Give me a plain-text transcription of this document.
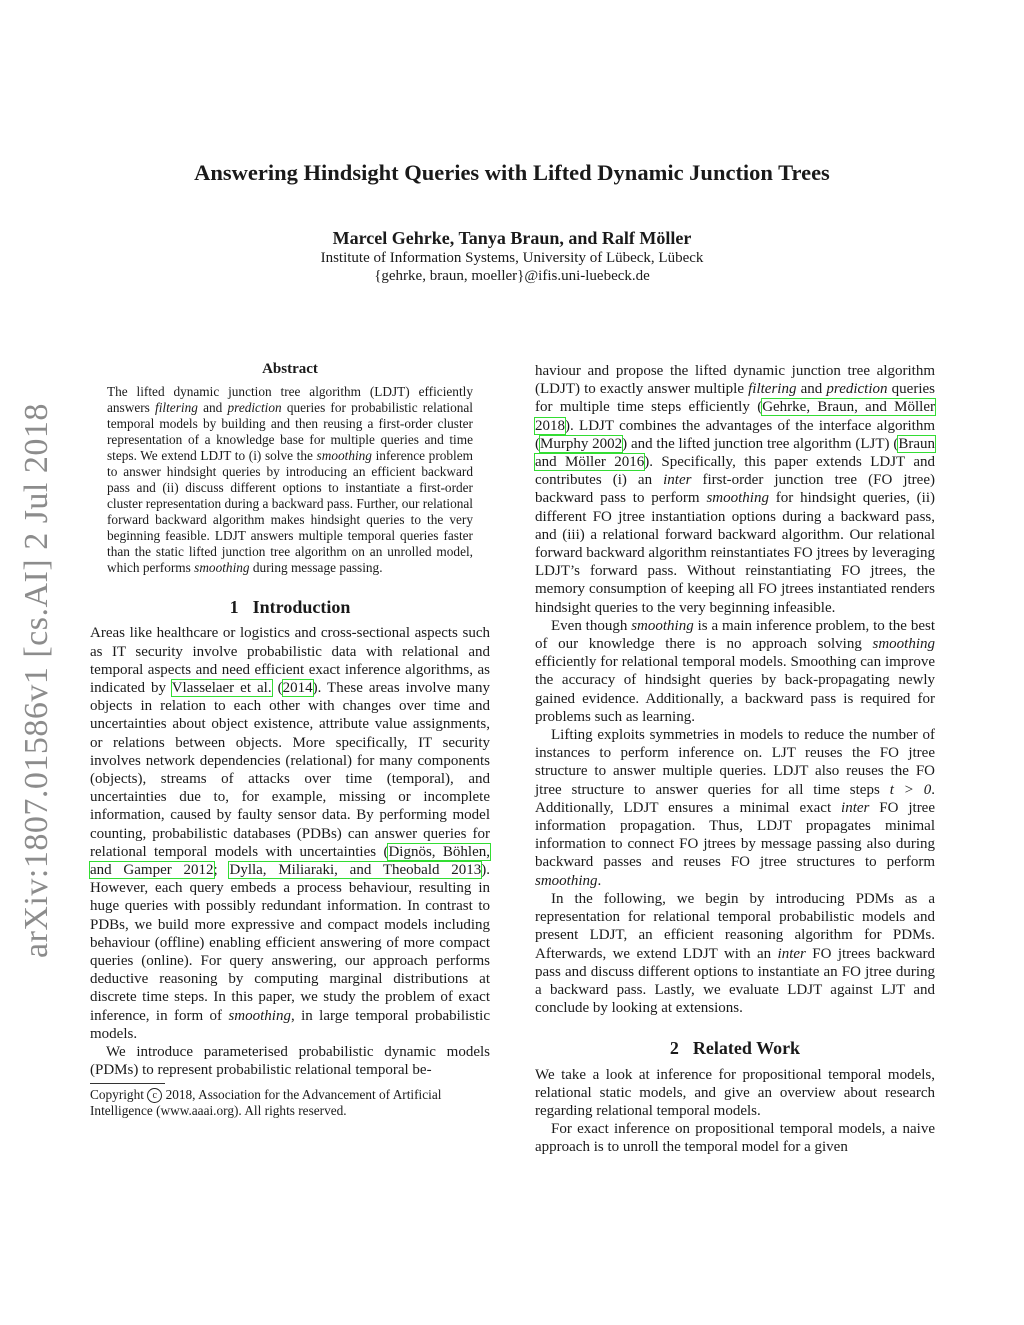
arXiv:1807.01586v1 [cs.AI] 2 Jul 2018
Answering Hindsight Queries with Lifted Dynamic Junction Trees
Marcel Gehrke, Tanya Braun, and Ralf Möller
Institute of Information Systems, University of Lübeck, Lübeck
{gehrke, braun, moeller}@ifis.uni-luebeck.de
Abstract
The lifted dynamic junction tree algorithm (LDJT) efficiently answers filtering and prediction queries for probabilistic relational temporal models by building and then reusing a first-order cluster representation of a knowledge base for multiple queries and time steps. We extend LDJT to (i) solve the smoothing inference problem to answer hindsight queries by introducing an efficient backward pass and (ii) discuss different options to instantiate a first-order cluster representation during a backward pass. Further, our relational forward backward algorithm makes hindsight queries to the very beginning feasible. LDJT answers multiple temporal queries faster than the static lifted junction tree algorithm on an unrolled model, which performs smoothing during message passing.
1 Introduction

Areas like healthcare or logistics and cross-sectional aspects such as IT security involve probabilistic data with relational and temporal aspects and need efficient exact inference algorithms, as indicated by Vlasselaer et al. (2014). These areas involve many objects in relation to each other with changes over time and uncertainties about object existence, attribute value assignments, or relations between objects. More specifically, IT security involves network dependencies (relational) for many components (objects), streams of attacks over time (temporal), and uncertainties due to, for example, missing or incomplete information, caused by faulty sensor data. By performing model counting, probabilistic databases (PDBs) can answer queries for relational temporal models with uncertainties (Dignös, Böhlen, and Gamper 2012; Dylla, Miliaraki, and Theobald 2013). However, each query embeds a process behaviour, resulting in huge queries with possibly redundant information. In contrast to PDBs, we build more expressive and compact models including behaviour (offline) enabling efficient answering of more compact queries (online). For query answering, our approach performs deductive reasoning by computing marginal distributions at discrete time steps. In this paper, we study the problem of exact inference, in form of smoothing, in large temporal probabilistic models.

We introduce parameterised probabilistic dynamic models (PDMs) to represent probabilistic relational temporal be-

Copyright c 2018, Association for the Advancement of Artificial Intelligence (www.aaai.org). All rights reserved.

haviour and propose the lifted dynamic junction tree algorithm (LDJT) to exactly answer multiple filtering and prediction queries for multiple time steps efficiently (Gehrke, Braun, and Möller 2018). LDJT combines the advantages of the interface algorithm (Murphy 2002) and the lifted junction tree algorithm (LJT) (Braun and Möller 2016). Specifically, this paper extends LDJT and contributes (i) an inter first-order junction tree (FO jtree) backward pass to perform smoothing for hindsight queries, (ii) different FO jtree instantiation options during a backward pass, and (iii) a relational forward backward algorithm. Our relational forward backward algorithm reinstantiates FO jtrees by leveraging LDJT’s forward pass. Without reinstantiating FO jtrees, the memory consumption of keeping all FO jtrees instantiated renders hindsight queries to the very beginning infeasible.

Even though smoothing is a main inference problem, to the best of our knowledge there is no approach solving smoothing efficiently for relational temporal models. Smoothing can improve the accuracy of hindsight queries by back-propagating newly gained evidence. Additionally, a backward pass is required for problems such as learning.

Lifting exploits symmetries in models to reduce the number of instances to perform inference on. LJT reuses the FO jtree structure to answer multiple queries. LDJT also reuses the FO jtree structure to answer queries for all time steps t > 0. Additionally, LDJT ensures a minimal exact inter FO jtree information propagation. Thus, LDJT propagates minimal information to connect FO jtrees by message passing also during backward passes and reuses FO jtree structures to perform smoothing.

In the following, we begin by introducing PDMs as a representation for relational temporal probabilistic models and present LDJT, an efficient reasoning algorithm for PDMs. Afterwards, we extend LDJT with an inter FO jtrees backward pass and discuss different options to instantiate an FO jtree during a backward pass. Lastly, we evaluate LDJT against LJT and conclude by looking at extensions.

2 Related Work

We take a look at inference for propositional temporal models, relational static models, and give an overview about research regarding relational temporal models.

For exact inference on propositional temporal models, a naive approach is to unroll the temporal model for a given
